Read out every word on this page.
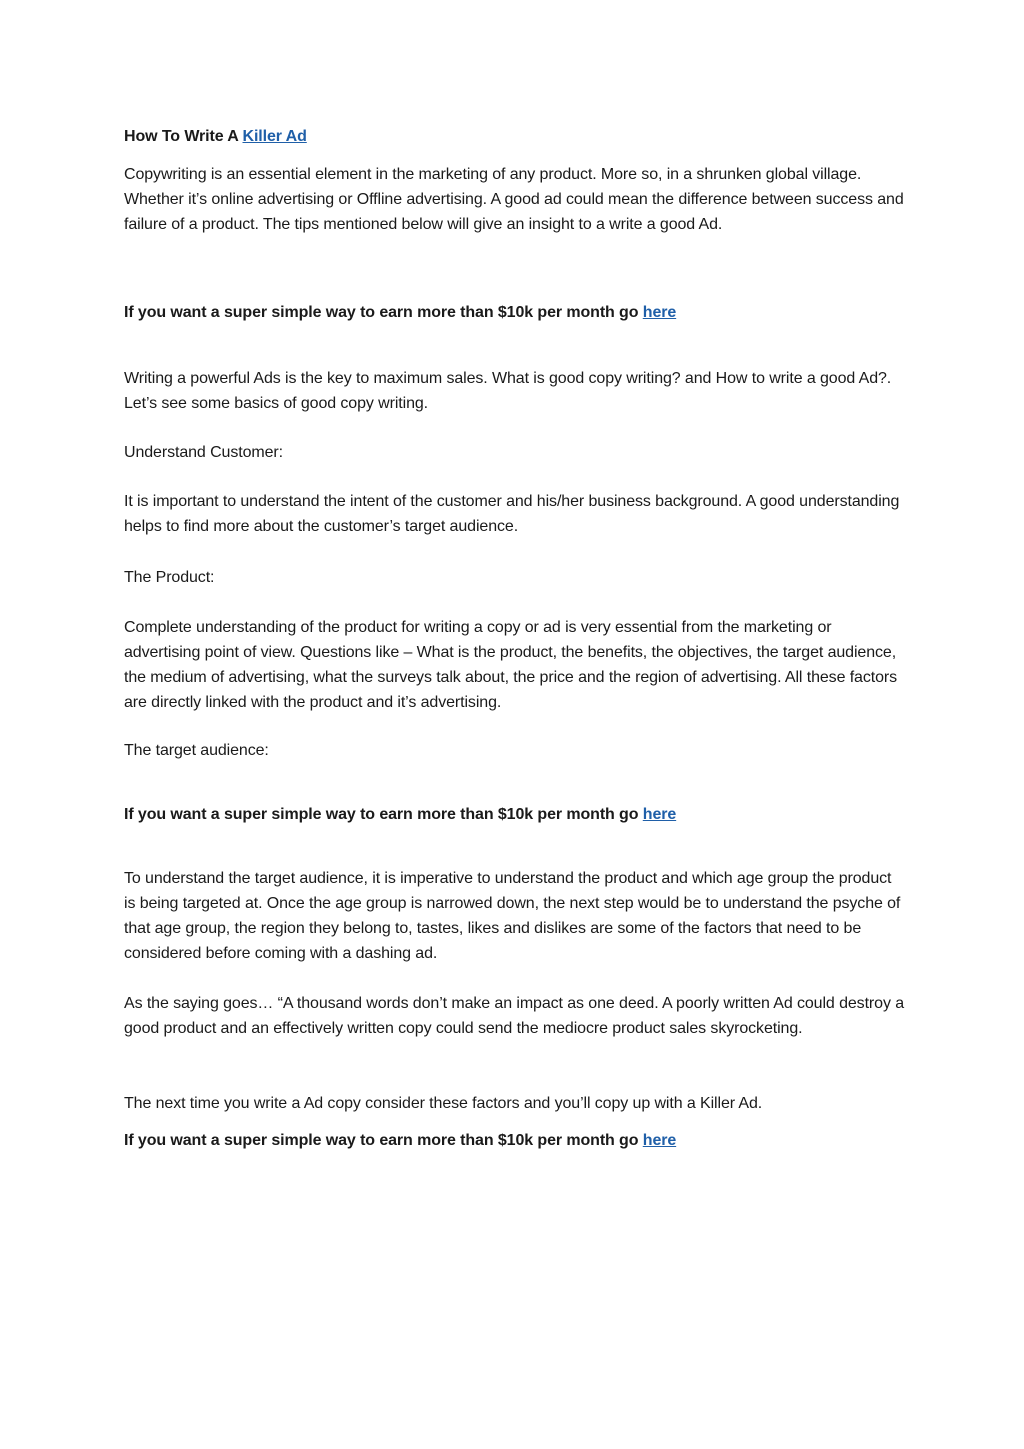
How To Write A Killer Ad

Copywriting is an essential element in the marketing of any product. More so, in a shrunken global village. Whether it’s online advertising or Offline advertising. A good ad could mean the difference between success and failure of a product. The tips mentioned below will give an insight to a write a good Ad.

If you want a super simple way to earn more than $10k per month go here

Writing a powerful Ads is the key to maximum sales. What is good copy writing? and How to write a good Ad?. Let’s see some basics of good copy writing.

Understand Customer:

It is important to understand the intent of the customer and his/her business background. A good understanding helps to find more about the customer’s target audience.

The Product:

Complete understanding of the product for writing a copy or ad is very essential from the marketing or advertising point of view. Questions like – What is the product, the benefits, the objectives, the target audience, the medium of advertising, what the surveys talk about, the price and the region of advertising. All these factors are directly linked with the product and it’s advertising.

The target audience:

If you want a super simple way to earn more than $10k per month go here

To understand the target audience, it is imperative to understand the product and which age group the product is being targeted at. Once the age group is narrowed down, the next step would be to understand the psyche of that age group, the region they belong to, tastes, likes and dislikes are some of the factors that need to be considered before coming with a dashing ad.

As the saying goes… “A thousand words don’t make an impact as one deed. A poorly written Ad could destroy a good product and an effectively written copy could send the mediocre product sales skyrocketing.

The next time you write a Ad copy consider these factors and you’ll copy up with a Killer Ad.

If you want a super simple way to earn more than $10k per month go here
